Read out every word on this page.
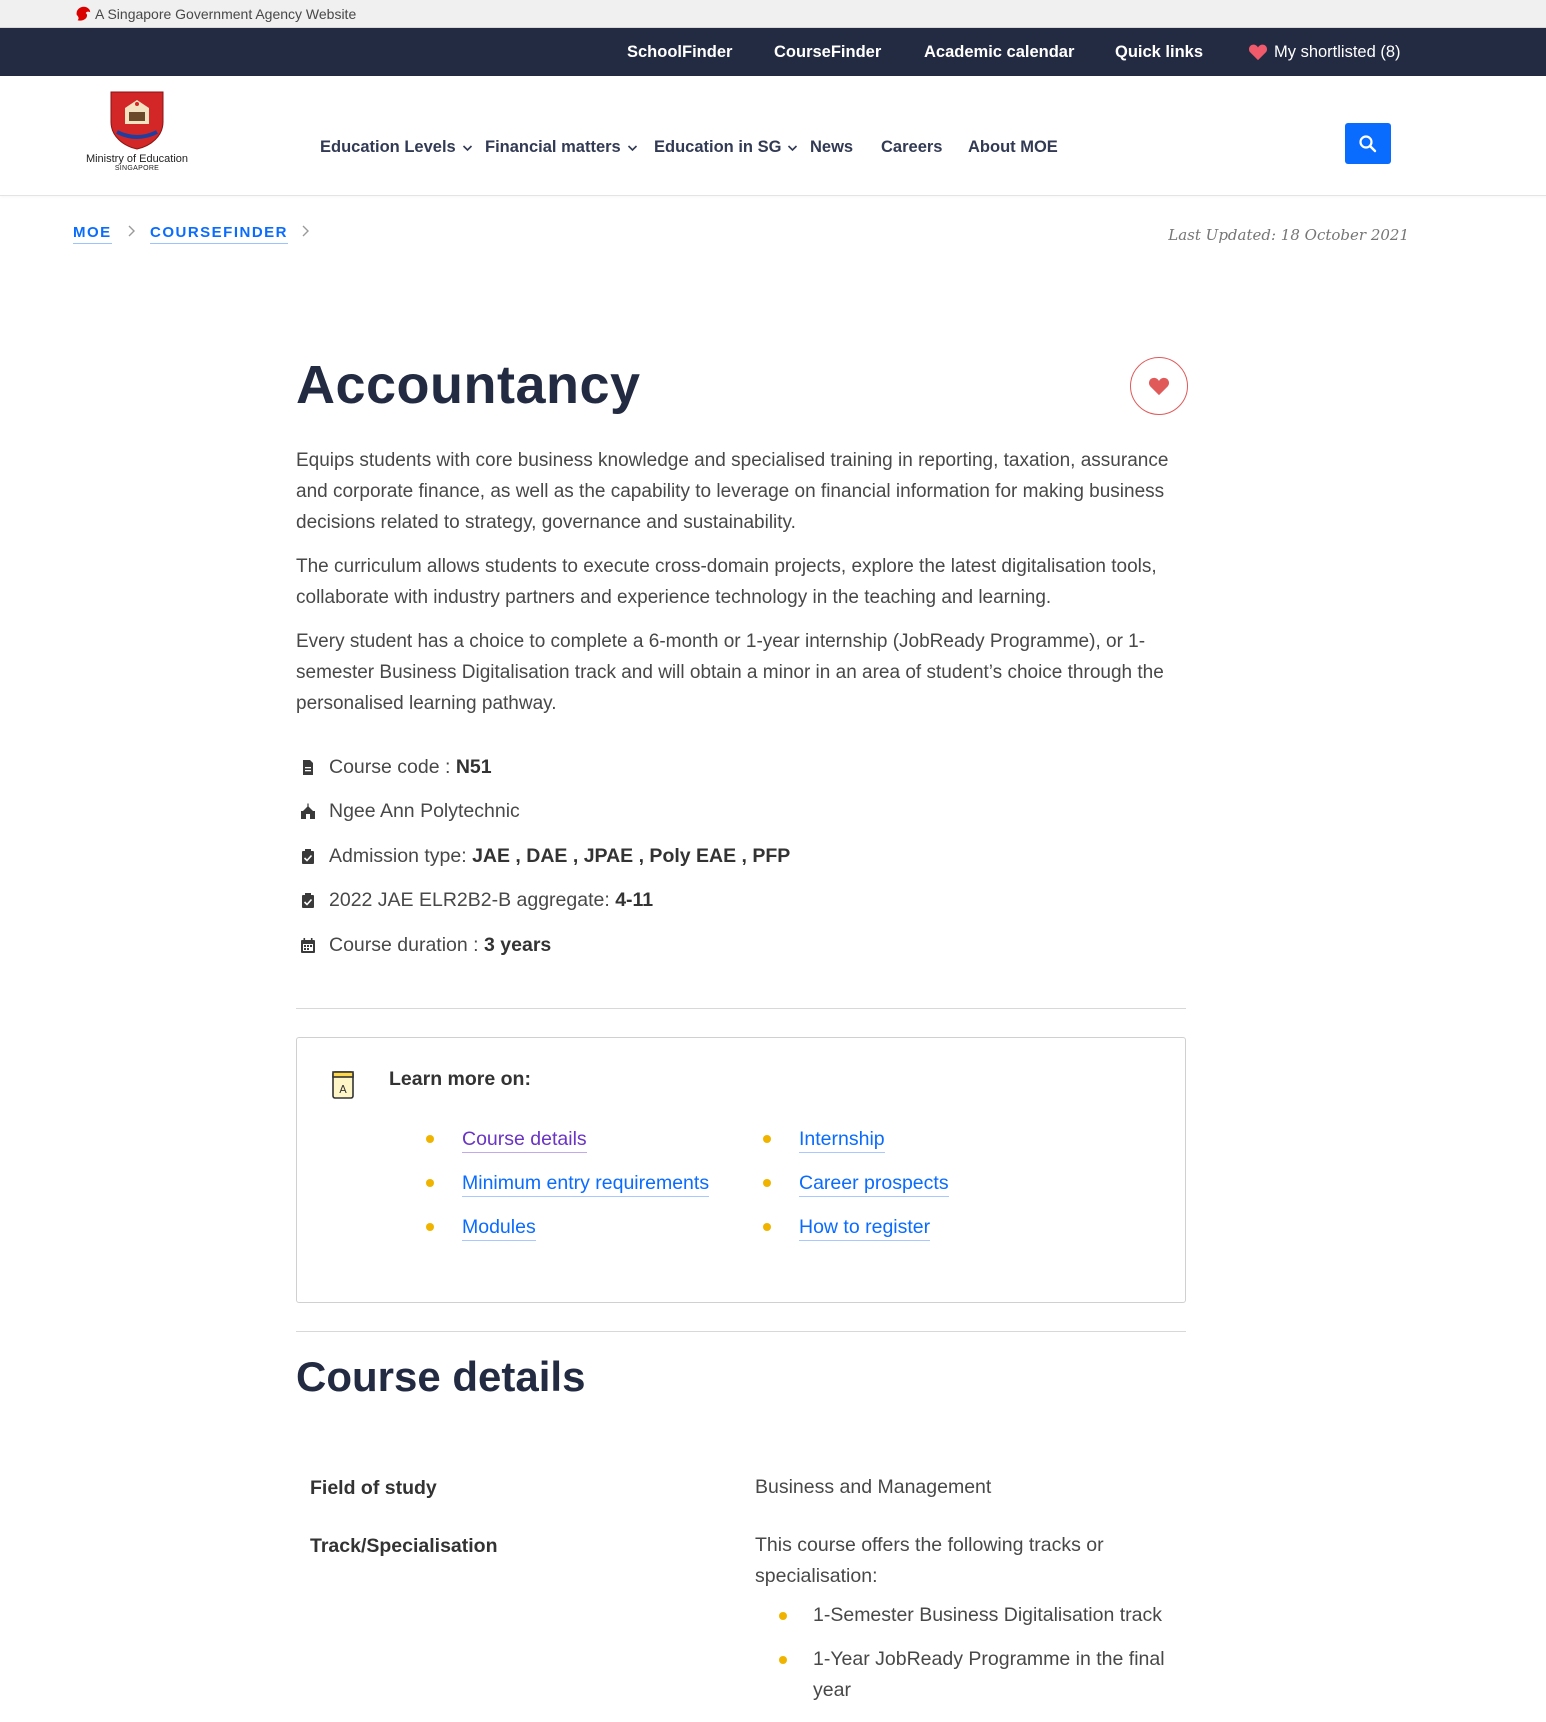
A Singapore Government Agency Website
SchoolFinder	CourseFinder	Academic calendar Quick links	My shortlisted (8)
Ministry of Education
SINGAPORE
Education Levels Financial matters Education in SG News Careers About MOE
MOE	COURSEFINDER	Last Updated: 18 October 2021
Accountancy

Equips students with core business knowledge and specialised training in reporting, taxation, assurance and corporate finance, as well as the capability to leverage on financial information for making business decisions related to strategy, governance and sustainability.

The curriculum allows students to execute cross-domain projects, explore the latest digitalisation tools, collaborate with industry partners and experience technology in the teaching and learning.

Every student has a choice to complete a 6-month or 1-year internship (JobReady Programme), or 1-semester Business Digitalisation track and will obtain a minor in an area of student’s choice through the personalised learning pathway.

Course code :
N51
Ngee Ann Polytechnic
Admission type:
JAE , DAE , JPAE , Poly EAE , PFP
2022 JAE ELR2B2-B aggregate:
4-11
Course duration :
3 years
A Learn more on:
Course details
Minimum entry requirements
Modules
Internship
Career prospects
How to register
Course details
Field of study	Business and Management
Track/Specialisation	This course offers the following tracks or specialisation:
1-Semester Business Digitalisation track
1-Year JobReady Programme in the final year
